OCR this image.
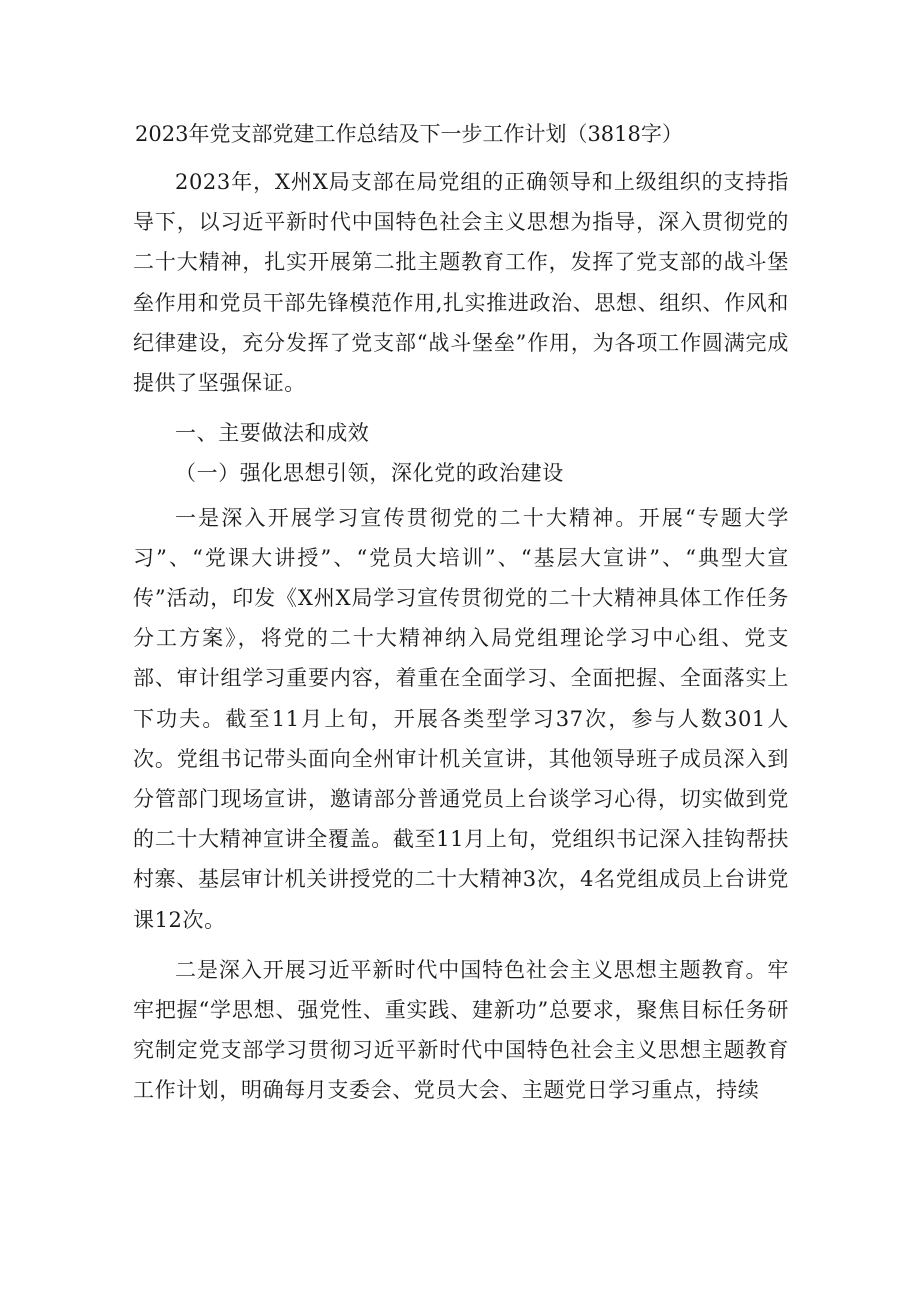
2023年党支部党建工作总结及下一步工作计划（3818字）

2023年，X州X局支部在局党组的正确领导和上级组织的支持指导下，以习近平新时代中国特色社会主义思想为指导，深入贯彻党的二十大精神，扎实开展第二批主题教育工作，发挥了党支部的战斗堡垒作用和党员干部先锋模范作用,扎实推进政治、思想、组织、作风和纪律建设，充分发挥了党支部“战斗堡垒”作用，为各项工作圆满完成提供了坚强保证。

一、主要做法和成效

（一）强化思想引领，深化党的政治建设

一是深入开展学习宣传贯彻党的二十大精神。开展“专题大学习”、“党课大讲授”、“党员大培训”、“基层大宣讲”、“典型大宣传”活动，印发《X州X局学习宣传贯彻党的二十大精神具体工作任务分工方案》，将党的二十大精神纳入局党组理论学习中心组、党支部、审计组学习重要内容，着重在全面学习、全面把握、全面落实上下功夫。截至11月上旬，开展各类型学习37次，参与人数301人次。党组书记带头面向全州审计机关宣讲，其他领导班子成员深入到分管部门现场宣讲，邀请部分普通党员上台谈学习心得，切实做到党的二十大精神宣讲全覆盖。截至11月上旬，党组织书记深入挂钩帮扶村寨、基层审计机关讲授党的二十大精神3次，4名党组成员上台讲党课12次。

二是深入开展习近平新时代中国特色社会主义思想主题教育。牢牢把握“学思想、强党性、重实践、建新功”总要求，聚焦目标任务研究制定党支部学习贯彻习近平新时代中国特色社会主义思想主题教育工作计划，明确每月支委会、党员大会、主题党日学习重点，持续
